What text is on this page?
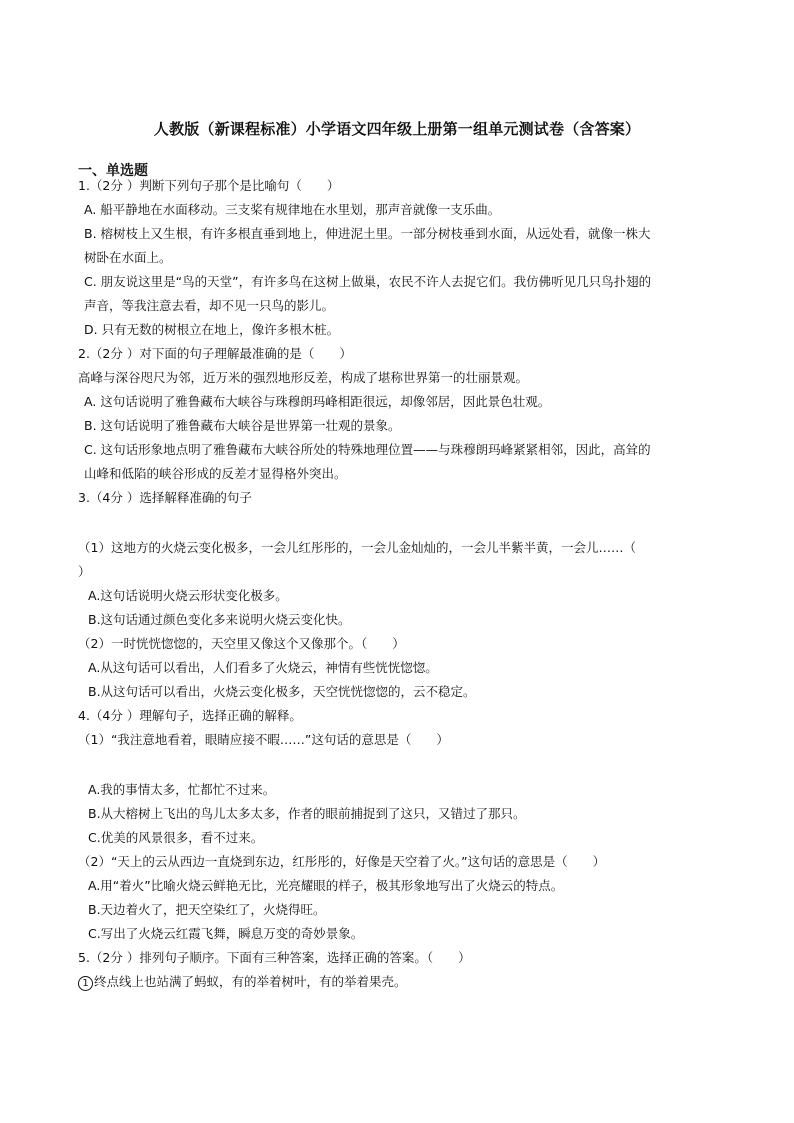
人教版（新课程标准）小学语文四年级上册第一组单元测试卷（含答案）
一、单选题
1.（2分 ）判断下列句子那个是比喻句（　　）
A. 船平静地在水面移动。三支桨有规律地在水里划，那声音就像一支乐曲。
B. 榕树枝上又生根，有许多根直垂到地上，伸进泥土里。一部分树枝垂到水面，从远处看，就像一株大
树卧在水面上。
C. 朋友说这里是“鸟的天堂”，有许多鸟在这树上做巢，农民不许人去捉它们。我仿佛听见几只鸟扑翅的
声音，等我注意去看，却不见一只鸟的影儿。
D. 只有无数的树根立在地上，像许多根木桩。
2.（2分 ）对下面的句子理解最准确的是（　　）
高峰与深谷咫尺为邻，近万米的强烈地形反差，构成了堪称世界第一的壮丽景观。
A. 这句话说明了雅鲁藏布大峡谷与珠穆朗玛峰相距很远，却像邻居，因此景色壮观。
B. 这句话说明了雅鲁藏布大峡谷是世界第一壮观的景象。
C. 这句话形象地点明了雅鲁藏布大峡谷所处的特殊地理位置——与珠穆朗玛峰紧紧相邻，因此，高耸的
山峰和低陷的峡谷形成的反差才显得格外突出。
3.（4分 ）选择解释准确的句子
（1）这地方的火烧云变化极多，一会儿红彤彤的，一会儿金灿灿的，一会儿半紫半黄，一会儿……（
）
A.这句话说明火烧云形状变化极多。
B.这句话通过颜色变化多来说明火烧云变化快。
（2）一时恍恍惚惚的，天空里又像这个又像那个。（　　）
A.从这句话可以看出，人们看多了火烧云，神情有些恍恍惚惚。
B.从这句话可以看出，火烧云变化极多，天空恍恍惚惚的，云不稳定。
4.（4分 ）理解句子，选择正确的解释。
（1）“我注意地看着，眼睛应接不暇……”这句话的意思是（　　）
A.我的事情太多，忙都忙不过来。
B.从大榕树上飞出的鸟儿太多太多，作者的眼前捕捉到了这只，又错过了那只。
C.优美的风景很多，看不过来。
（2）“天上的云从西边一直烧到东边，红彤彤的，好像是天空着了火。”这句话的意思是（　　）
A.用“着火”比喻火烧云鲜艳无比，光亮耀眼的样子，极其形象地写出了火烧云的特点。
B.天边着火了，把天空染红了，火烧得旺。
C.写出了火烧云红霞飞舞，瞬息万变的奇妙景象。
5.（2分 ）排列句子顺序。下面有三种答案，选择正确的答案。（　　）
1 终点线上也站满了蚂蚁，有的举着树叶，有的举着果壳。
